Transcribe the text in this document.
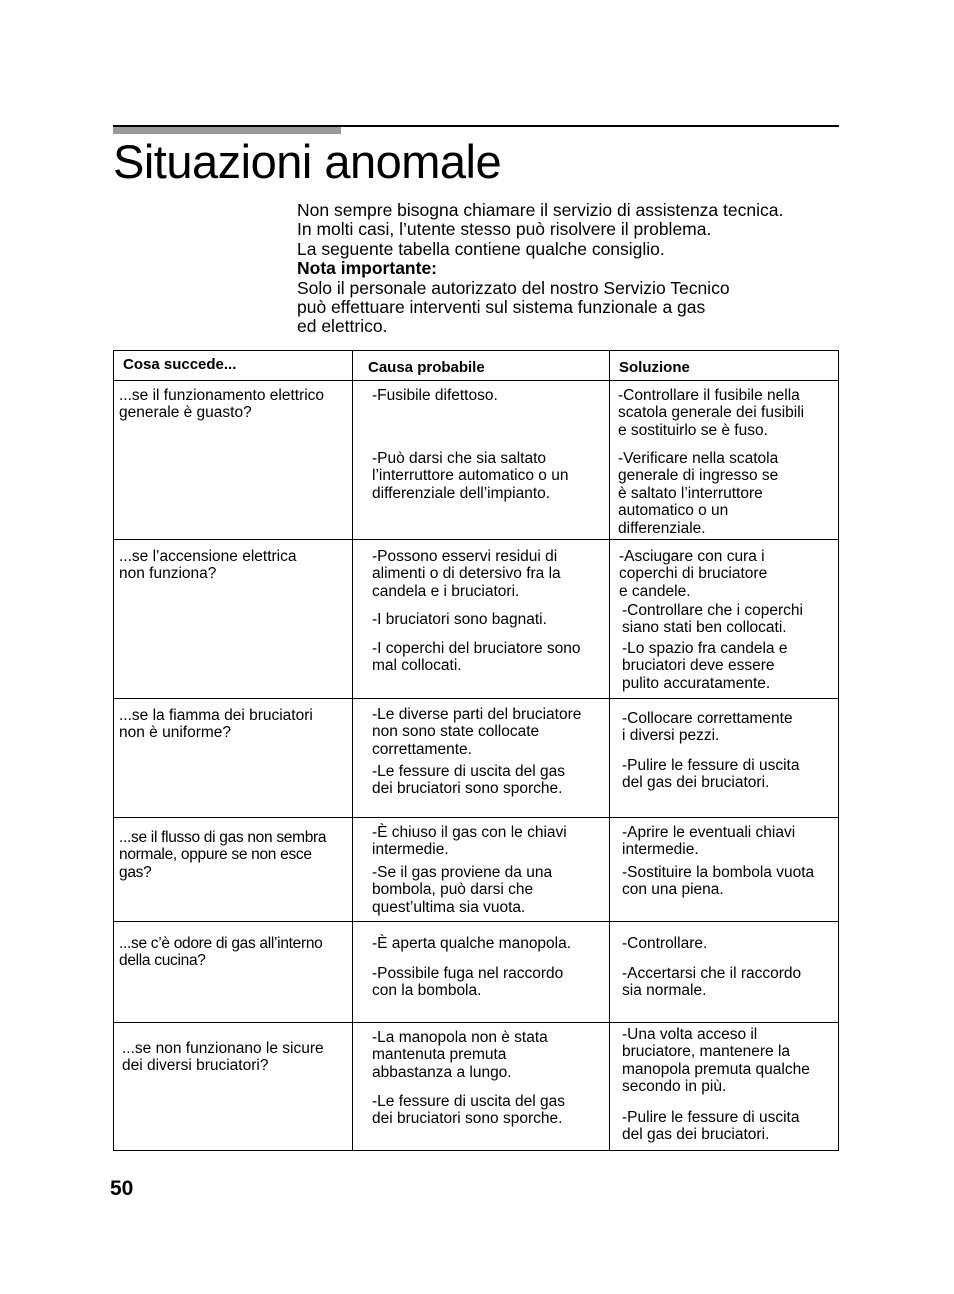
Situazioni anomale
Non sempre bisogna chiamare il servizio di assistenza tecnica.
In molti casi, l’utente stesso può risolvere il problema.
La seguente tabella contiene qualche consiglio.
Nota importante:
Solo il personale autorizzato del nostro Servizio Tecnico
può effettuare interventi sul sistema funzionale a gas
ed elettrico.
Cosa succede...	Causa probabile	Soluzione
...se il funzionamento elettrico
generale è guasto?
-Fusibile difettoso.
-Può darsi che sia saltato
l’interruttore automatico o un
differenziale dell’impianto.
-Controllare il fusibile nella
scatola generale dei fusibili
e sostituirlo se è fuso.
-Verificare nella scatola
generale di ingresso se
è saltato l’interruttore
automatico o un
differenziale.
...se l’accensione elettrica
non funziona?
-Possono esservi residui di
alimenti o di detersivo fra la
candela e i bruciatori.
-I bruciatori sono bagnati.
-I coperchi del bruciatore sono
mal collocati.
-Asciugare con cura i
coperchi di bruciatore
e candele.
-Controllare che i coperchi
siano stati ben collocati.
-Lo spazio fra candela e
bruciatori deve essere
pulito accuratamente.
...se la fiamma dei bruciatori
non è uniforme?
-Le diverse parti del bruciatore
non sono state collocate
correttamente.
-Le fessure di uscita del gas
dei bruciatori sono sporche.
-Collocare correttamente
i diversi pezzi.
-Pulire le fessure di uscita
del gas dei bruciatori.
...se il flusso di gas non sembra
normale, oppure se non esce
gas?
-È chiuso il gas con le chiavi
intermedie.
-Se il gas proviene da una
bombola, può darsi che
quest’ultima sia vuota.
-Aprire le eventuali chiavi
intermedie.
-Sostituire la bombola vuota
con una piena.
...se c’è odore di gas all’interno
della cucina?
-È aperta qualche manopola.
-Possibile fuga nel raccordo
con la bombola.
-Controllare.
-Accertarsi che il raccordo
sia normale.
...se non funzionano le sicure
dei diversi bruciatori?
-La manopola non è stata
mantenuta premuta
abbastanza a lungo.
-Le fessure di uscita del gas
dei bruciatori sono sporche.
-Una volta acceso il
bruciatore, mantenere la
manopola premuta qualche
secondo in più.
-Pulire le fessure di uscita
del gas dei bruciatori.
50
